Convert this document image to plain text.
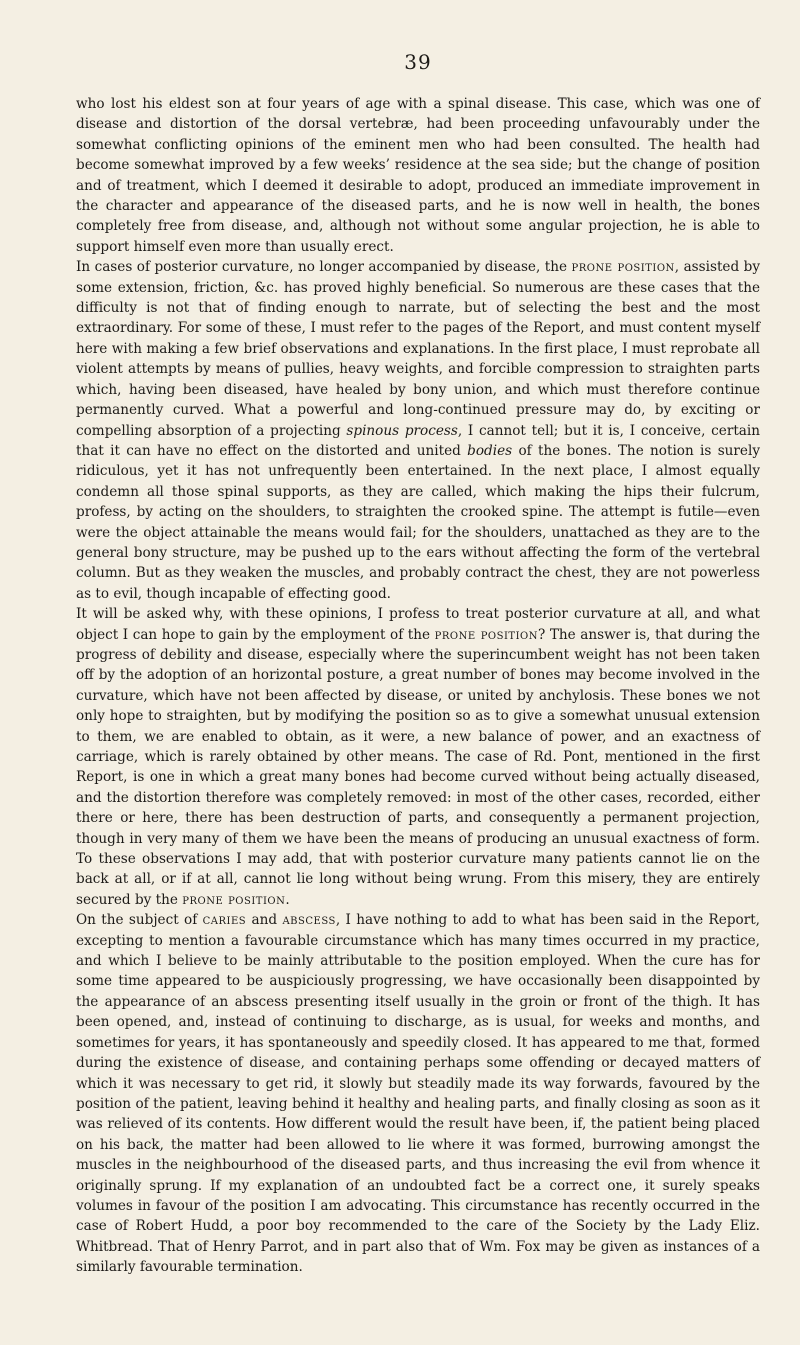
39

who lost his eldest son at four years of age with a spinal disease. This case, which was one of disease and distortion of the dorsal vertebræ, had been proceeding unfavourably under the somewhat conflicting opinions of the eminent men who had been consulted. The health had become somewhat improved by a few weeks’ residence at the sea side; but the change of position and of treatment, which I deemed it desirable to adopt, produced an immediate improvement in the character and appearance of the diseased parts, and he is now well in health, the bones completely free from disease, and, although not without some angular projection, he is able to support himself even more than usually erect.

In cases of posterior curvature, no longer accompanied by disease, the prone position, assisted by some extension, friction, &c. has proved highly beneficial. So numerous are these cases that the difficulty is not that of finding enough to narrate, but of selecting the best and the most extraordinary. For some of these, I must refer to the pages of the Report, and must content myself here with making a few brief observations and explanations. In the first place, I must reprobate all violent attempts by means of pullies, heavy weights, and forcible compression to straighten parts which, having been diseased, have healed by bony union, and which must therefore continue permanently curved. What a powerful and long-continued pressure may do, by exciting or compelling absorption of a projecting spinous process, I cannot tell; but it is, I conceive, certain that it can have no effect on the distorted and united bodies of the bones. The notion is surely ridiculous, yet it has not unfrequently been entertained. In the next place, I almost equally condemn all those spinal supports, as they are called, which making the hips their fulcrum, profess, by acting on the shoulders, to straighten the crooked spine. The attempt is futile—even were the object attainable the means would fail; for the shoulders, unattached as they are to the general bony structure, may be pushed up to the ears without affecting the form of the vertebral column. But as they weaken the muscles, and probably contract the chest, they are not powerless as to evil, though incapable of effecting good.

It will be asked why, with these opinions, I profess to treat posterior curvature at all, and what object I can hope to gain by the employment of the prone position? The answer is, that during the progress of debility and disease, especially where the superincumbent weight has not been taken off by the adoption of an horizontal posture, a great number of bones may become involved in the curvature, which have not been affected by disease, or united by anchylosis. These bones we not only hope to straighten, but by modifying the position so as to give a somewhat unusual extension to them, we are enabled to obtain, as it were, a new balance of power, and an exactness of carriage, which is rarely obtained by other means. The case of Rd. Pont, mentioned in the first Report, is one in which a great many bones had become curved without being actually diseased, and the distortion therefore was completely removed: in most of the other cases, recorded, either there or here, there has been destruction of parts, and consequently a permanent projection, though in very many of them we have been the means of producing an unusual exactness of form. To these observations I may add, that with posterior curvature many patients cannot lie on the back at all, or if at all, cannot lie long without being wrung. From this misery, they are entirely secured by the prone position.

On the subject of caries and abscess, I have nothing to add to what has been said in the Report, excepting to mention a favourable circumstance which has many times occurred in my practice, and which I believe to be mainly attributable to the position employed. When the cure has for some time appeared to be auspiciously progressing, we have occasionally been disappointed by the appearance of an abscess presenting itself usually in the groin or front of the thigh. It has been opened, and, instead of continuing to discharge, as is usual, for weeks and months, and sometimes for years, it has spontaneously and speedily closed. It has appeared to me that, formed during the existence of disease, and containing perhaps some offending or decayed matters of which it was necessary to get rid, it slowly but steadily made its way forwards, favoured by the position of the patient, leaving behind it healthy and healing parts, and finally closing as soon as it was relieved of its contents. How different would the result have been, if, the patient being placed on his back, the matter had been allowed to lie where it was formed, burrowing amongst the muscles in the neighbourhood of the diseased parts, and thus increasing the evil from whence it originally sprung. If my explanation of an undoubted fact be a correct one, it surely speaks volumes in favour of the position I am advocating. This circumstance has recently occurred in the case of Robert Hudd, a poor boy recommended to the care of the Society by the Lady Eliz. Whitbread. That of Henry Parrot, and in part also that of Wm. Fox may be given as instances of a similarly favourable termination.
